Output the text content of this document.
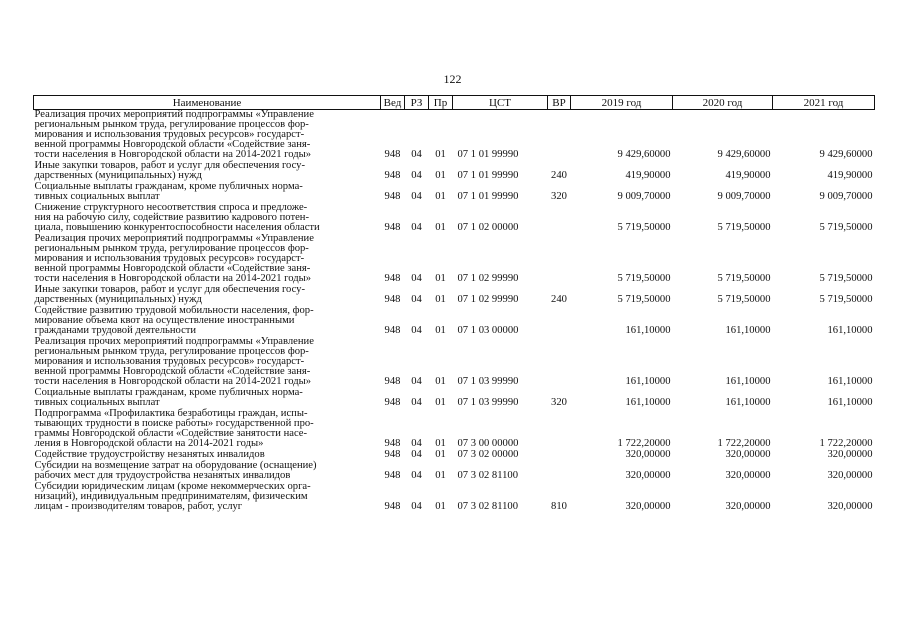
122
Наименование	Вед	РЗ	Пр	ЦСТ	ВР	2019 год	2020 год	2021 год

Реализация прочих мероприятий подпрограммы «Управление
региональным рынком труда, регулирование процессов фор-
мирования и использования трудовых ресурсов» государст-
венной программы Новгородской области «Содействие заня-
тости населения в Новгородской области на 2014-2021 годы»	948	04	01	07 1 01 99990		9 429,60000	9 429,60000	9 429,60000

Иные закупки товаров, работ и услуг для обеспечения госу-
дарственных (муниципальных) нужд	948	04	01	07 1 01 99990	240	419,90000	419,90000	419,90000

Социальные выплаты гражданам, кроме публичных норма-
тивных социальных выплат	948	04	01	07 1 01 99990	320	9 009,70000	9 009,70000	9 009,70000

Снижение структурного несоответствия спроса и предложе-
ния на рабочую силу, содействие развитию кадрового потен-
циала, повышению конкурентоспособности населения области	948	04	01	07 1 02 00000		5 719,50000	5 719,50000	5 719,50000

Реализация прочих мероприятий подпрограммы «Управление
региональным рынком труда, регулирование процессов фор-
мирования и использования трудовых ресурсов» государст-
венной программы Новгородской области «Содействие заня-
тости населения в Новгородской области на 2014-2021 годы»	948	04	01	07 1 02 99990		5 719,50000	5 719,50000	5 719,50000

Иные закупки товаров, работ и услуг для обеспечения госу-
дарственных (муниципальных) нужд	948	04	01	07 1 02 99990	240	5 719,50000	5 719,50000	5 719,50000

Содействие развитию трудовой мобильности населения, фор-
мирование объема квот на осуществление иностранными
гражданами трудовой деятельности	948	04	01	07 1 03 00000		161,10000	161,10000	161,10000

Реализация прочих мероприятий подпрограммы «Управление
региональным рынком труда, регулирование процессов фор-
мирования и использования трудовых ресурсов» государст-
венной программы Новгородской области «Содействие заня-
тости населения в Новгородской области на 2014-2021 годы»	948	04	01	07 1 03 99990		161,10000	161,10000	161,10000

Социальные выплаты гражданам, кроме публичных норма-
тивных социальных выплат	948	04	01	07 1 03 99990	320	161,10000	161,10000	161,10000

Подпрограмма «Профилактика безработицы граждан, испы-
тывающих трудности в поиске работы» государственной про-
граммы Новгородской области «Содействие занятости насе-
ления в Новгородской области на 2014-2021 годы»	948	04	01	07 3 00 00000		1 722,20000	1 722,20000	1 722,20000

Содействие трудоустройству незанятых инвалидов	948	04	01	07 3 02 00000		320,00000	320,00000	320,00000

Субсидии на возмещение затрат на оборудование (оснащение)
рабочих мест для трудоустройства незанятых инвалидов	948	04	01	07 3 02 81100		320,00000	320,00000	320,00000

Субсидии юридическим лицам (кроме некоммерческих орга-
низаций), индивидуальным предпринимателям, физическим
лицам - производителям товаров, работ, услуг	948	04	01	07 3 02 81100	810	320,00000	320,00000	320,00000
